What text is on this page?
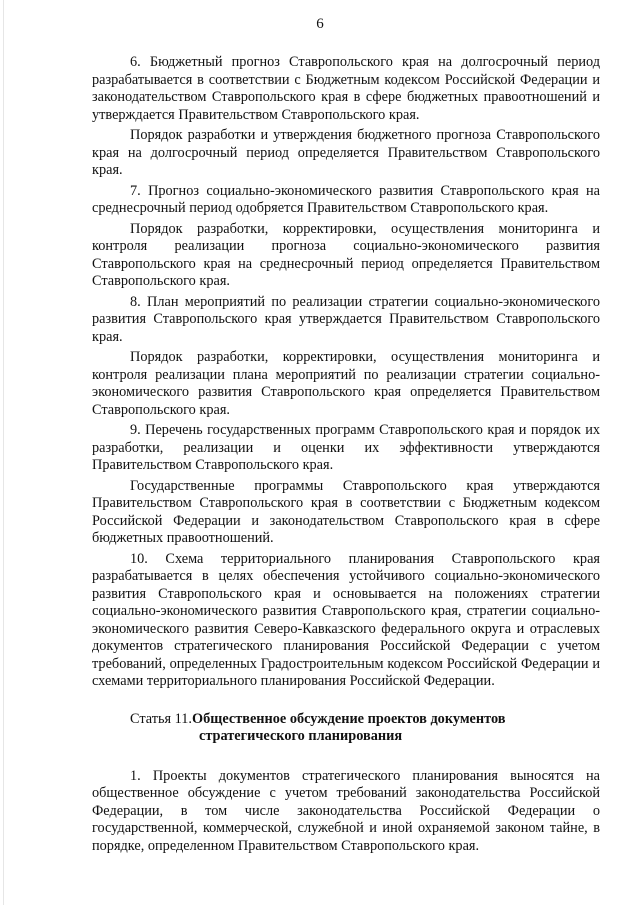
6

6. Бюджетный прогноз Ставропольского края на долгосрочный период разрабатывается в соответствии с Бюджетным кодексом Российской Федерации и законодательством Ставропольского края в сфере бюджетных правоотношений и утверждается Правительством Ставропольского края.

Порядок разработки и утверждения бюджетного прогноза Ставропольского края на долгосрочный период определяется Правительством Ставропольского края.

7. Прогноз социально-экономического развития Ставропольского края на среднесрочный период одобряется Правительством Ставропольского края.

Порядок разработки, корректировки, осуществления мониторинга и контроля реализации прогноза социально-экономического развития Ставропольского края на среднесрочный период определяется Правительством Ставропольского края.

8. План мероприятий по реализации стратегии социально-экономического развития Ставропольского края утверждается Правительством Ставропольского края.

Порядок разработки, корректировки, осуществления мониторинга и контроля реализации плана мероприятий по реализации стратегии социально-экономического развития Ставропольского края определяется Правительством Ставропольского края.

9. Перечень государственных программ Ставропольского края и порядок их разработки, реализации и оценки их эффективности утверждаются Правительством Ставропольского края.

Государственные программы Ставропольского края утверждаются Правительством Ставропольского края в соответствии с Бюджетным кодексом Российской Федерации и законодательством Ставропольского края в сфере бюджетных правоотношений.

10. Схема территориального планирования Ставропольского края разрабатывается в целях обеспечения устойчивого социально-экономического развития Ставропольского края и основывается на положениях стратегии социально-экономического развития Ставропольского края, стратегии социально-экономического развития Северо-Кавказского федерального округа и отраслевых документов стратегического планирования Российской Федерации с учетом требований, определенных Градостроительным кодексом Российской Федерации и схемами территориального планирования Российской Федерации.

Статья 11. Общественное обсуждение проектов документов
стратегического планирования

1. Проекты документов стратегического планирования выносятся на общественное обсуждение с учетом требований законодательства Российской Федерации, в том числе законодательства Российской Федерации о государственной, коммерческой, служебной и иной охраняемой законом тайне, в порядке, определенном Правительством Ставропольского края.
